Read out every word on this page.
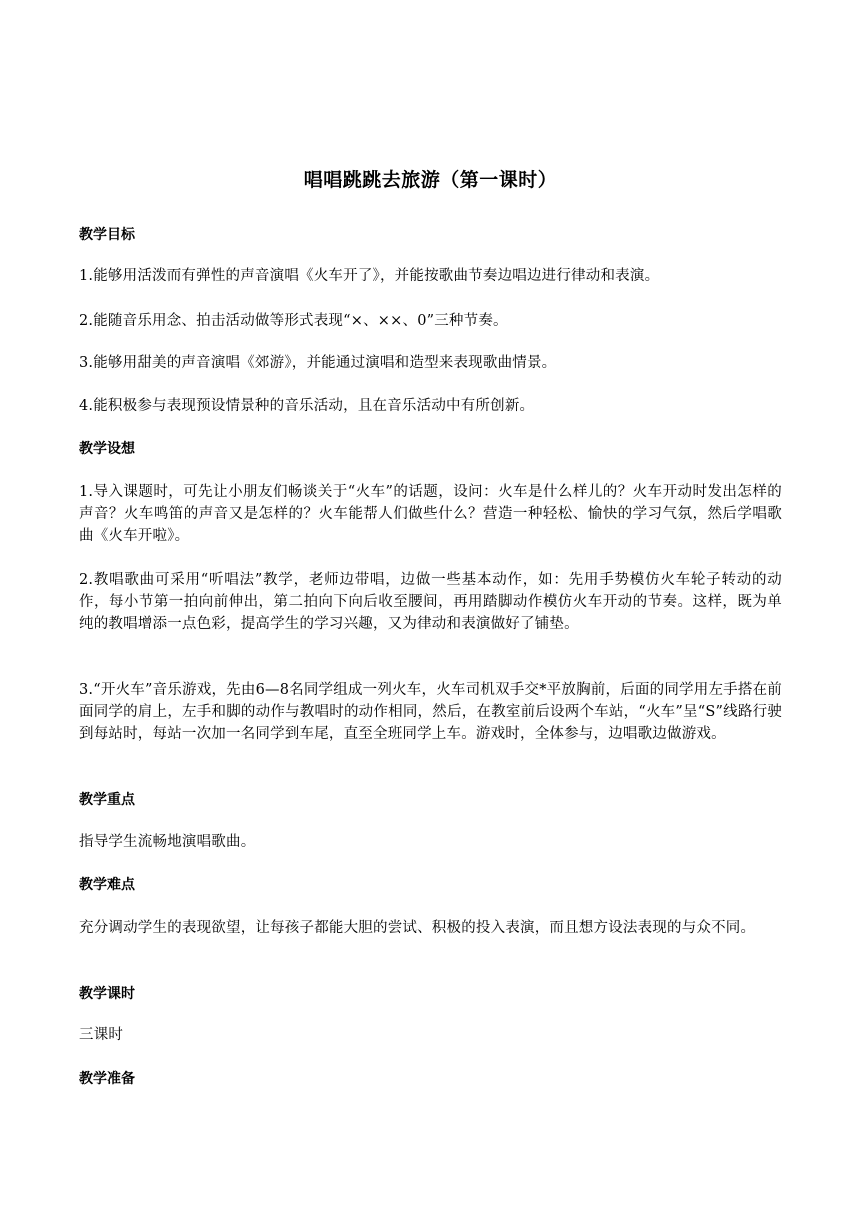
唱唱跳跳去旅游（第一课时）
教学目标
1.能够用活泼而有弹性的声音演唱《火车开了》，并能按歌曲节奏边唱边进行律动和表演。
2.能随音乐用念、拍击活动做等形式表现“×、××、0”三种节奏。
3.能够用甜美的声音演唱《郊游》，并能通过演唱和造型来表现歌曲情景。
4.能积极参与表现预设情景种的音乐活动，且在音乐活动中有所创新。
教学设想
1.导入课题时，可先让小朋友们畅谈关于“火车”的话题，设问：火车是什么样儿的？火车开动时发出怎样的声音？火车鸣笛的声音又是怎样的？火车能帮人们做些什么？营造一种轻松、愉快的学习气氛，然后学唱歌曲《火车开啦》。
2.教唱歌曲可采用“听唱法”教学，老师边带唱，边做一些基本动作，如：先用手势模仿火车轮子转动的动作，每小节第一拍向前伸出，第二拍向下向后收至腰间，再用踏脚动作模仿火车开动的节奏。这样，既为单纯的教唱增添一点色彩，提高学生的学习兴趣，又为律动和表演做好了铺垫。
3.“开火车”音乐游戏，先由6—8名同学组成一列火车，火车司机双手交*平放胸前，后面的同学用左手搭在前面同学的肩上，左手和脚的动作与教唱时的动作相同，然后，在教室前后设两个车站，“火车”呈“S”线路行驶到每站时，每站一次加一名同学到车尾，直至全班同学上车。游戏时，全体参与，边唱歌边做游戏。
教学重点
指导学生流畅地演唱歌曲。
教学难点
充分调动学生的表现欲望，让每孩子都能大胆的尝试、积极的投入表演，而且想方设法表现的与众不同。
教学课时
三课时
教学准备
